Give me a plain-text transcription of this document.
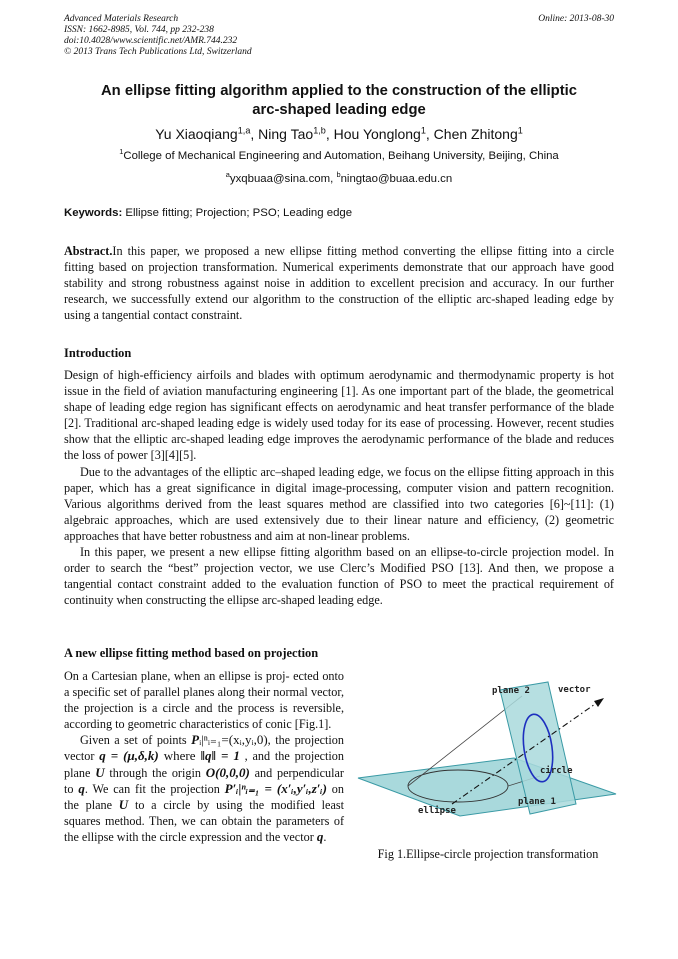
Advanced Materials Research
ISSN: 1662-8985, Vol. 744, pp 232-238
doi:10.4028/www.scientific.net/AMR.744.232
© 2013 Trans Tech Publications Ltd, Switzerland
Online: 2013-08-30
An ellipse fitting algorithm applied to the construction of the elliptic
arc-shaped leading edge
Yu Xiaoqiang$^{1,a}$, Ning Tao$^{1,b}$, Hou Yonglong$^1$, Chen Zhitong$^1$
$^1$College of Mechanical Engineering and Automation, Beihang University, Beijing, China
$^a$yxqbuaa@sina.com, $^b$ningtao@buaa.edu.cn
Keywords: Ellipse fitting; Projection; PSO; Leading edge
Abstract.In this paper, we proposed a new ellipse fitting method converting the ellipse fitting into a circle fitting based on projection transformation. Numerical experiments demonstrate that our approach have good stability and strong robustness against noise in addition to excellent precision and accuracy. In our further research, we successfully extend our algorithm to the construction of the elliptic arc-shaped leading edge by using a tangential contact constraint.
Introduction

Design of high-efficiency airfoils and blades with optimum aerodynamic and thermodynamic property is hot issue in the field of aviation manufacturing engineering [1]. As one important part of the blade, the geometrical shape of leading edge region has significant effects on aerodynamic and heat transfer performance of the blade [2]. Traditional arc-shaped leading edge is widely used today for its ease of processing. However, recent studies show that the elliptic arc-shaped leading edge improves the aerodynamic performance of the blade and reduces the loss of power [3][4][5].

Due to the advantages of the elliptic arc–shaped leading edge, we focus on the ellipse fitting approach in this paper, which has a great significance in digital image-processing, computer vision and pattern recognition. Various algorithms derived from the least squares method are classified into two categories [6]~[11]: (1) algebraic approaches, which are used extensively due to their linear nature and efficiency, (2) geometric approaches that have better robustness and aim at non-linear problems.

In this paper, we present a new ellipse fitting algorithm based on an ellipse-to-circle projection model. In order to search the “best” projection vector, we use Clerc’s Modified PSO [13]. And then, we propose a tangential contact constraint added to the evaluation function of PSO to meet the practical requirement of continuity when constructing the ellipse arc-shaped leading edge.

A new ellipse fitting method based on projection

On a Cartesian plane, when an ellipse is proj- ected onto a specific set of parallel planes along their normal vector, the projection is a circle and the process is reversible, according to geometric characteristics of conic [Fig.1].

Given a set of points Pᵢ|ⁿᵢ₌₁=(xᵢ,yᵢ,0), the projection vector q = (μ,δ,k) where ‖q‖ = 1 , and the projection plane U through the origin O(0,0,0) and perpendicular to q. We can fit the projection P′ᵢ|ⁿᵢ₌₁ = (x′ᵢ,y′ᵢ,z′ᵢ) on the plane U to a circle by using the modified least squares method. Then, we can obtain the parameters of the ellipse with the circle expression and the vector q.

plane 2	vector
circle
plane 1
ellipse
Fig 1.Ellipse-circle projection transformation
